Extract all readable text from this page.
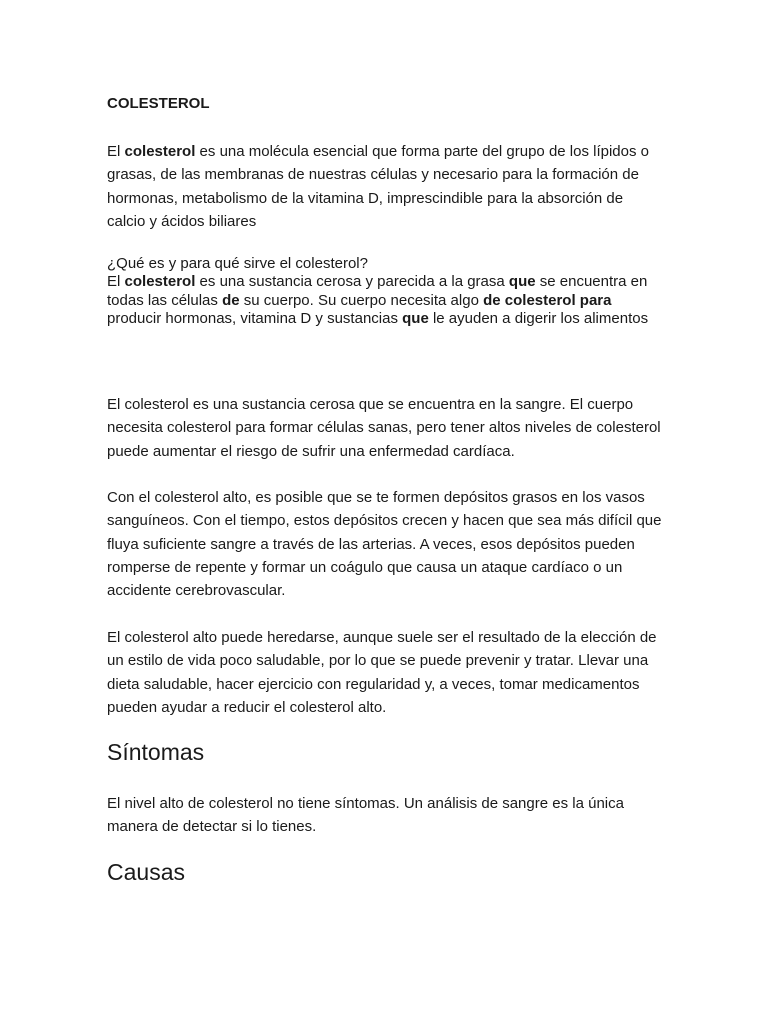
COLESTEROL

El colesterol es una molécula esencial que forma parte del grupo de los lípidos o grasas, de las membranas de nuestras células y necesario para la formación de hormonas, metabolismo de la vitamina D, imprescindible para la absorción de calcio y ácidos biliares

¿Qué es y para qué sirve el colesterol?
El colesterol es una sustancia cerosa y parecida a la grasa que se encuentra en todas las células de su cuerpo. Su cuerpo necesita algo de colesterol para producir hormonas, vitamina D y sustancias que le ayuden a digerir los alimentos

El colesterol es una sustancia cerosa que se encuentra en la sangre. El cuerpo necesita colesterol para formar células sanas, pero tener altos niveles de colesterol puede aumentar el riesgo de sufrir una enfermedad cardíaca.

Con el colesterol alto, es posible que se te formen depósitos grasos en los vasos sanguíneos. Con el tiempo, estos depósitos crecen y hacen que sea más difícil que fluya suficiente sangre a través de las arterias. A veces, esos depósitos pueden romperse de repente y formar un coágulo que causa un ataque cardíaco o un accidente cerebrovascular.

El colesterol alto puede heredarse, aunque suele ser el resultado de la elección de un estilo de vida poco saludable, por lo que se puede prevenir y tratar. Llevar una dieta saludable, hacer ejercicio con regularidad y, a veces, tomar medicamentos pueden ayudar a reducir el colesterol alto.

Síntomas

El nivel alto de colesterol no tiene síntomas. Un análisis de sangre es la única manera de detectar si lo tienes.

Causas
